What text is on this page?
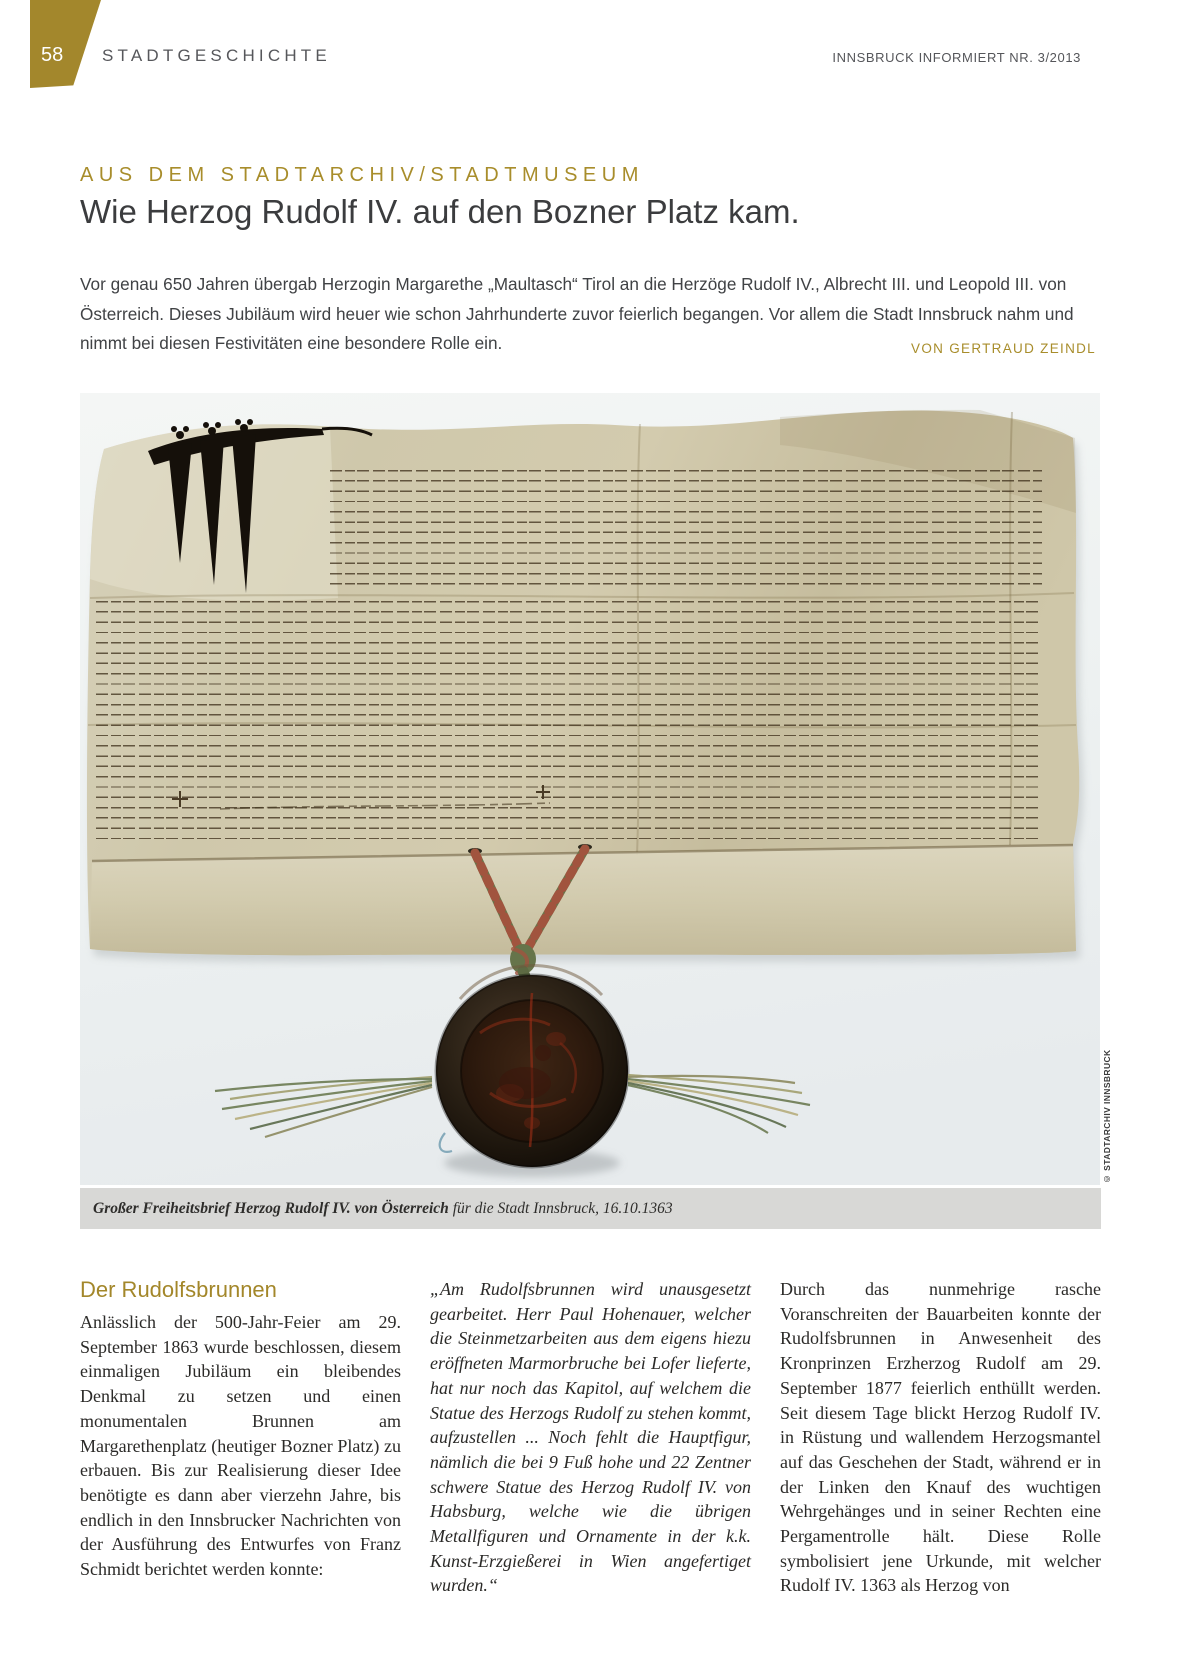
58 STADTGESCHICHTE	INNSBRUCK INFORMIERT NR. 3/2013
AUS DEM STADTARCHIV/STADTMUSEUM
Wie Herzog Rudolf IV. auf den Bozner Platz kam.

Vor genau 650 Jahren übergab Herzogin Margarethe „Maultasch“ Tirol an die Herzöge Rudolf IV., Albrecht III. und Leopold III. von Österreich. Dieses Jubiläum wird heuer wie schon Jahrhunderte zuvor feierlich begangen. Vor allem die Stadt Innsbruck nahm und nimmt bei diesen Festivitäten eine besondere Rolle ein.	VON GERTRAUD ZEINDL
© STADTARCHIV INNSBRUCK
Großer Freiheitsbrief Herzog Rudolf IV. von Österreich für die Stadt Innsbruck, 16.10.1363
Der Rudolfsbrunnen

Anlässlich der 500-Jahr-Feier am 29. September 1863 wurde beschlossen, diesem einmaligen Jubiläum ein bleibendes Denkmal zu setzen und einen monumentalen Brunnen am Margarethenplatz (heutiger Bozner Platz) zu erbauen. Bis zur Realisierung dieser Idee benötigte es dann aber vierzehn Jahre, bis endlich in den Innsbrucker Nachrichten von der Ausführung des Entwurfes von Franz Schmidt berichtet werden konnte:

„Am Rudolfsbrunnen wird unausgesetzt gearbeitet. Herr Paul Hohenauer, welcher die Steinmetzarbeiten aus dem eigens hiezu eröffneten Marmorbruche bei Lofer lieferte, hat nur noch das Kapitol, auf welchem die Statue des Herzogs Rudolf zu stehen kommt, aufzustellen ... Noch fehlt die Hauptfigur, nämlich die bei 9 Fuß hohe und 22 Zentner schwere Statue des Herzog Rudolf IV. von Habsburg, welche wie die übrigen Metallfiguren und Ornamente in der k.k. Kunst-Erzgießerei in Wien angefertiget wurden.“

Durch das nunmehrige rasche Voranschreiten der Bauarbeiten konnte der Rudolfsbrunnen in Anwesenheit des Kronprinzen Erzherzog Rudolf am 29. September 1877 feierlich enthüllt werden. Seit diesem Tage blickt Herzog Rudolf IV. in Rüstung und wallendem Herzogsmantel auf das Geschehen der Stadt, während er in der Linken den Knauf des wuchtigen Wehrgehänges und in seiner Rechten eine Pergamentrolle hält. Diese Rolle symbolisiert jene Urkunde, mit welcher Rudolf IV. 1363 als Herzog von
